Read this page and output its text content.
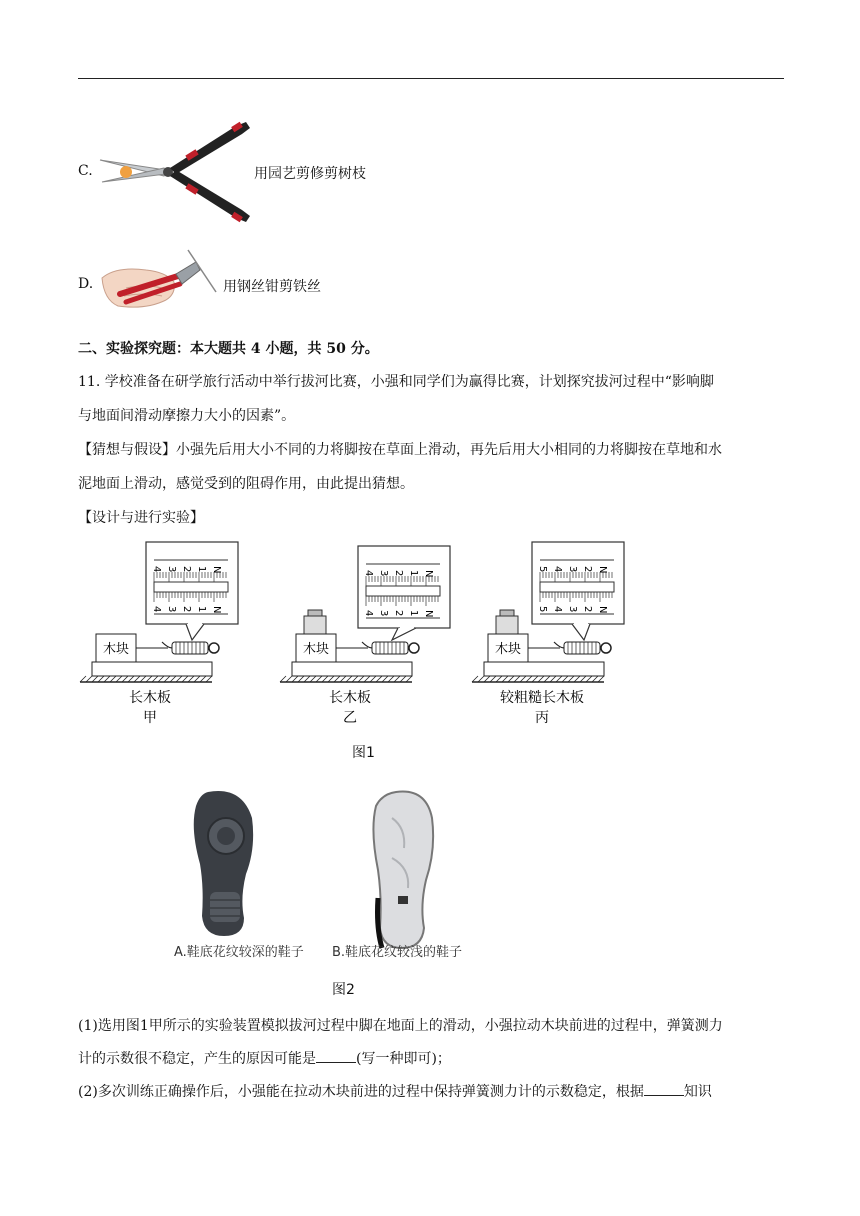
C.	用园艺剪修剪树枝
D.	用钢丝钳剪铁丝
二、实验探究题：本大题共 4 小题，共 50 分。
11. 学校准备在研学旅行活动中举行拔河比赛，小强和同学们为赢得比赛，计划探究拔河过程中“影响脚
与地面间滑动摩擦力大小的因素”。
【猜想与假设】小强先后用大小不同的力将脚按在草面上滑动，再先后用大小相同的力将脚按在草地和水
泥地面上滑动，感觉受到的阻碍作用，由此提出猜想。
【设计与进行实验】
木块
4
4
3
3
2
2
1
1
N
N
长木板
甲
木块
4
4
3
3
2
2
1
1
N
N
长木板
乙
木块
5
5
4
4
3
3
2
2
N
N
较粗糙长木板
丙
图1
A.鞋底花纹较深的鞋子 B.鞋底花纹较浅的鞋子
图2
(1)选用图1甲所示的实验装置模拟拔河过程中脚在地面上的滑动，小强拉动木块前进的过程中，弹簧测力
计的示数很不稳定，产生的原因可能是	(写一种即可)；
(2)多次训练正确操作后，小强能在拉动木块前进的过程中保持弹簧测力计的示数稳定，根据	知识
